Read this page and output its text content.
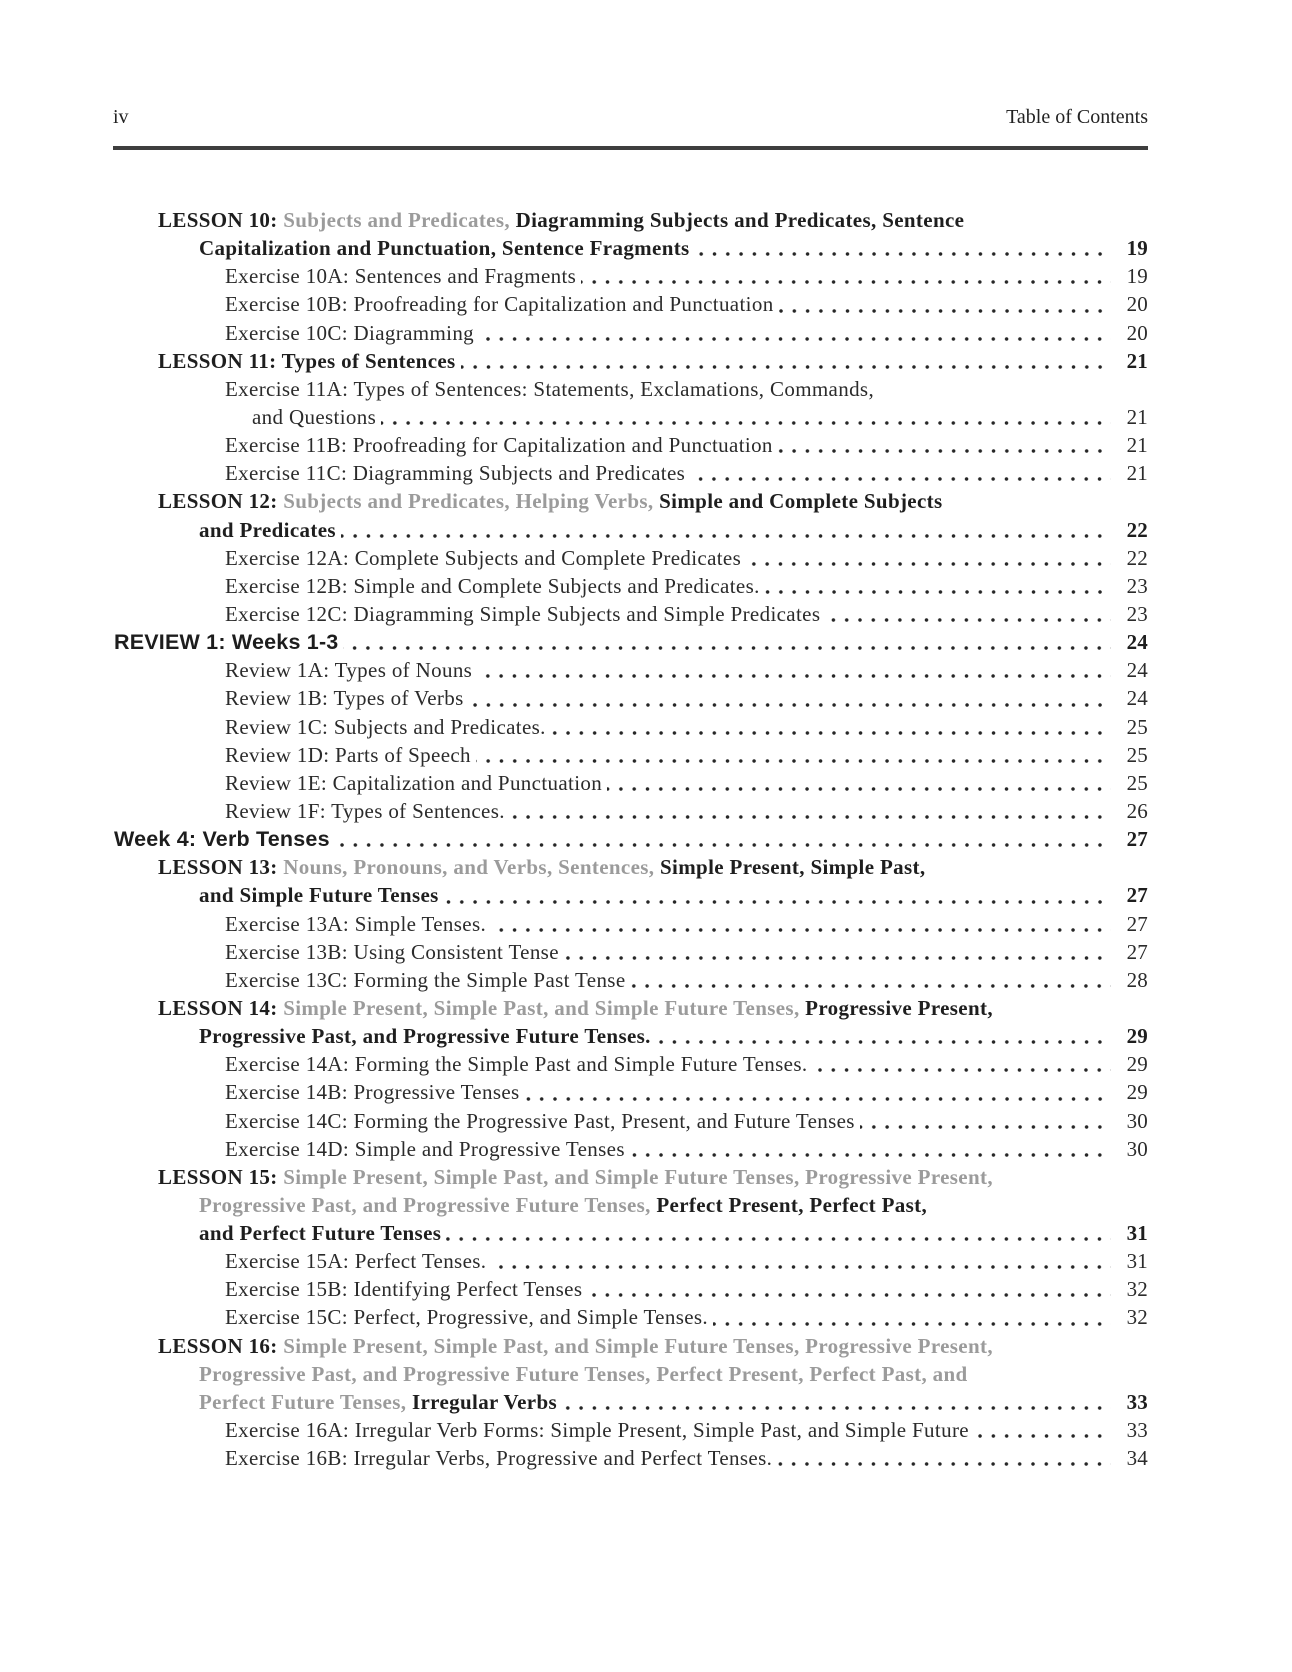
iv	Table of Contents
LESSON 10: Subjects and Predicates, Diagramming Subjects and Predicates, Sentence
Capitalization and Punctuation, Sentence Fragments	19
Exercise 10A: Sentences and Fragments	19
Exercise 10B: Proofreading for Capitalization and Punctuation	20
Exercise 10C: Diagramming	20
LESSON 11: Types of Sentences	21
Exercise 11A: Types of Sentences: Statements, Exclamations, Commands,
and Questions	21
Exercise 11B: Proofreading for Capitalization and Punctuation	21
Exercise 11C: Diagramming Subjects and Predicates	21
LESSON 12: Subjects and Predicates, Helping Verbs, Simple and Complete Subjects
and Predicates	22
Exercise 12A: Complete Subjects and Complete Predicates	22
Exercise 12B: Simple and Complete Subjects and Predicates.	23
Exercise 12C: Diagramming Simple Subjects and Simple Predicates	23
REVIEW 1: Weeks 1-3	24
Review 1A: Types of Nouns	24
Review 1B: Types of Verbs	24
Review 1C: Subjects and Predicates.	25
Review 1D: Parts of Speech	25
Review 1E: Capitalization and Punctuation	25
Review 1F: Types of Sentences.	26
Week 4: Verb Tenses	27
LESSON 13: Nouns, Pronouns, and Verbs, Sentences, Simple Present, Simple Past,
and Simple Future Tenses	27
Exercise 13A: Simple Tenses.	27
Exercise 13B: Using Consistent Tense	27
Exercise 13C: Forming the Simple Past Tense	28
LESSON 14: Simple Present, Simple Past, and Simple Future Tenses, Progressive Present,
Progressive Past, and Progressive Future Tenses.	29
Exercise 14A: Forming the Simple Past and Simple Future Tenses.	29
Exercise 14B: Progressive Tenses	29
Exercise 14C: Forming the Progressive Past, Present, and Future Tenses	30
Exercise 14D: Simple and Progressive Tenses	30
LESSON 15: Simple Present, Simple Past, and Simple Future Tenses, Progressive Present,
Progressive Past, and Progressive Future Tenses, Perfect Present, Perfect Past,
and Perfect Future Tenses	31
Exercise 15A: Perfect Tenses.	31
Exercise 15B: Identifying Perfect Tenses	32
Exercise 15C: Perfect, Progressive, and Simple Tenses.	32
LESSON 16: Simple Present, Simple Past, and Simple Future Tenses, Progressive Present,
Progressive Past, and Progressive Future Tenses, Perfect Present, Perfect Past, and
Perfect Future Tenses, Irregular Verbs	33
Exercise 16A: Irregular Verb Forms: Simple Present, Simple Past, and Simple Future	33
Exercise 16B: Irregular Verbs, Progressive and Perfect Tenses.	34
